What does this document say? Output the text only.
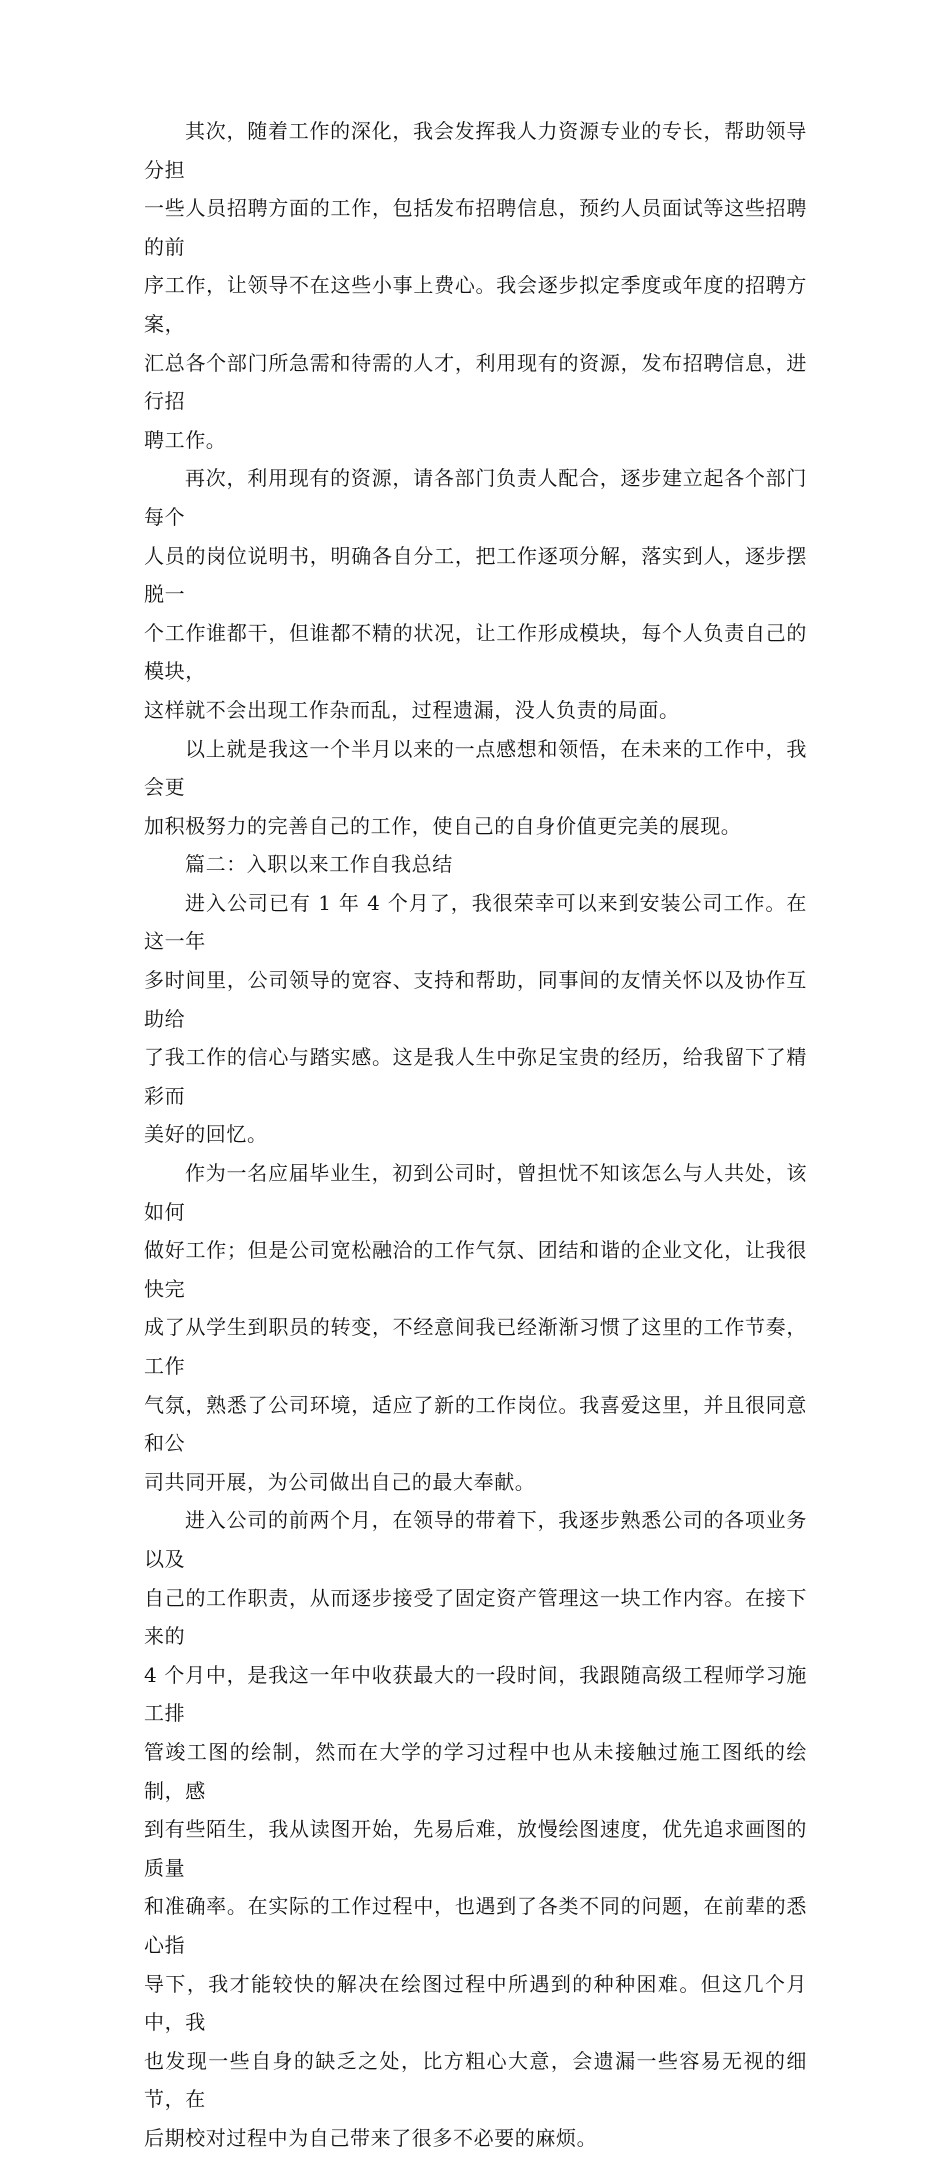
其次，随着工作的深化，我会发挥我人力资源专业的专长，帮助领导分担
一些人员招聘方面的工作，包括发布招聘信息，预约人员面试等这些招聘的前
序工作，让领导不在这些小事上费心。我会逐步拟定季度或年度的招聘方案，
汇总各个部门所急需和待需的人才，利用现有的资源，发布招聘信息，进行招
聘工作。

再次，利用现有的资源，请各部门负责人配合，逐步建立起各个部门每个
人员的岗位说明书，明确各自分工，把工作逐项分解，落实到人，逐步摆脱一
个工作谁都干，但谁都不精的状况，让工作形成模块，每个人负责自己的模块，
这样就不会出现工作杂而乱，过程遗漏，没人负责的局面。

以上就是我这一个半月以来的一点感想和领悟，在未来的工作中，我会更
加积极努力的完善自己的工作，使自己的自身价值更完美的展现。

篇二：入职以来工作自我总结

进入公司已有 1 年 4 个月了，我很荣幸可以来到安装公司工作。在这一年
多时间里，公司领导的宽容、支持和帮助，同事间的友情关怀以及协作互助给
了我工作的信心与踏实感。这是我人生中弥足宝贵的经历，给我留下了精彩而
美好的回忆。

作为一名应届毕业生，初到公司时，曾担忧不知该怎么与人共处，该如何
做好工作；但是公司宽松融洽的工作气氛、团结和谐的企业文化，让我很快完
成了从学生到职员的转变，不经意间我已经渐渐习惯了这里的工作节奏，工作
气氛，熟悉了公司环境，适应了新的工作岗位。我喜爱这里，并且很同意和公
司共同开展，为公司做出自己的最大奉献。

进入公司的前两个月，在领导的带着下，我逐步熟悉公司的各项业务以及
自己的工作职责，从而逐步接受了固定资产管理这一块工作内容。在接下来的
4 个月中，是我这一年中收获最大的一段时间，我跟随高级工程师学习施工排
管竣工图的绘制，然而在大学的学习过程中也从未接触过施工图纸的绘制，感
到有些陌生，我从读图开始，先易后难，放慢绘图速度，优先追求画图的质量
和准确率。在实际的工作过程中，也遇到了各类不同的问题，在前辈的悉心指
导下，我才能较快的解决在绘图过程中所遇到的种种困难。但这几个月中，我
也发现一些自身的缺乏之处，比方粗心大意，会遗漏一些容易无视的细节，在
后期校对过程中为自己带来了很多不必要的麻烦。
